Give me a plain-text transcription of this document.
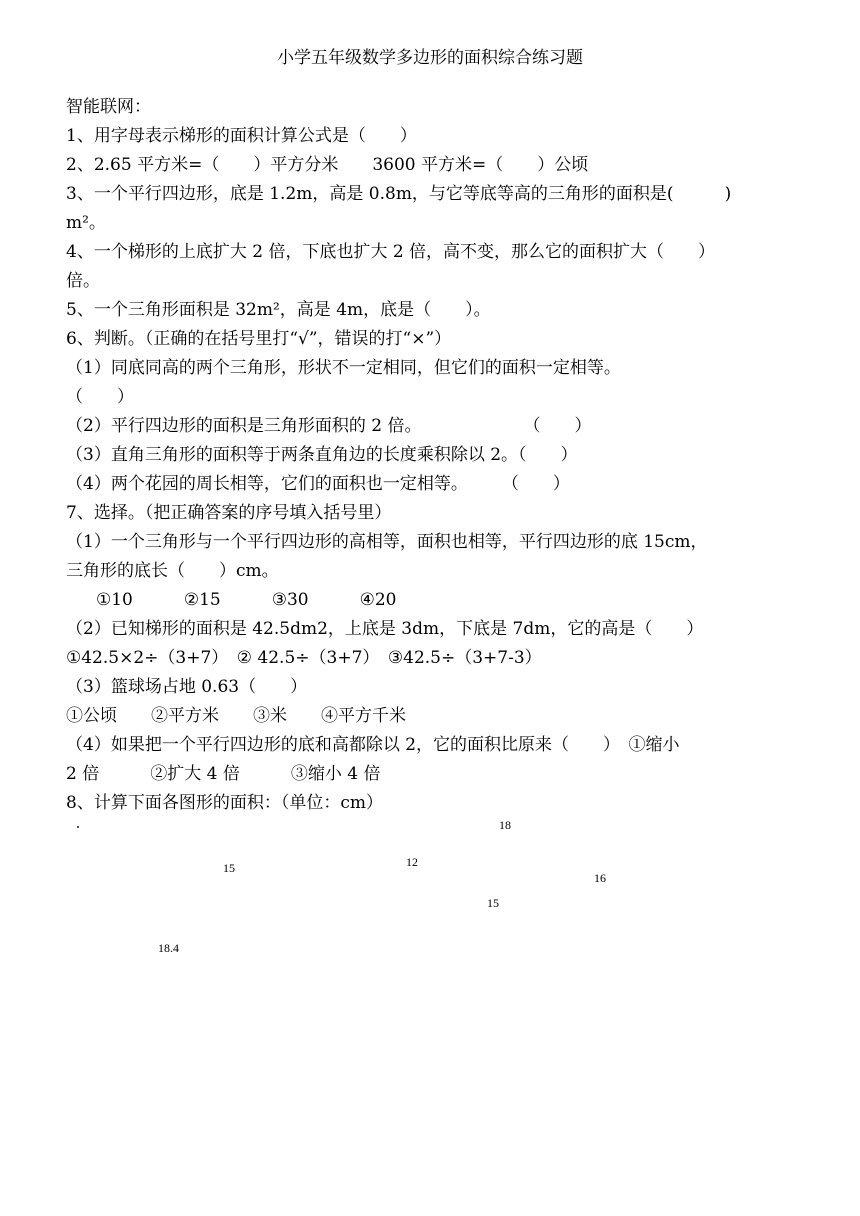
小学五年级数学多边形的面积综合练习题
智能联网：
1、用字母表示梯形的面积计算公式是（　　）
2、2.65 平方米=（　　）平方分米　　3600 平方米=（　　）公顷
3、一个平行四边形，底是 1.2m，高是 0.8m，与它等底等高的三角形的面积是(　　　)
m²。
4、一个梯形的上底扩大 2 倍，下底也扩大 2 倍，高不变，那么它的面积扩大（　　）
倍。
5、一个三角形面积是 32m²，高是 4m，底是（　　）。
6、判断。（正确的在括号里打“√”，错误的打“×”）
（1）同底同高的两个三角形，形状不一定相同，但它们的面积一定相等。
（　　）
（2）平行四边形的面积是三角形面积的 2 倍。　　　　　　　（　　）
（3）直角三角形的面积等于两条直角边的长度乘积除以 2。（　　）
（4）两个花园的周长相等，它们的面积也一定相等。　　　（　　）
7、选择。（把正确答案的序号填入括号里）
（1）一个三角形与一个平行四边形的高相等，面积也相等，平行四边形的底 15cm，
三角形的底长（　　）cm。
①10　　　②15　　　③30　　　④20
（2）已知梯形的面积是 42.5dm2，上底是 3dm，下底是 7dm，它的高是（　　）
①42.5×2÷（3+7）　② 42.5÷（3+7）　③42.5÷（3+7-3）
（3）篮球场占地 0.63（　　）
①公顷　　②平方米　　③米　　④平方千米
（4）如果把一个平行四边形的底和高都除以 2，它的面积比原来（　　）　①缩小
2 倍　　　②扩大 4 倍　　　③缩小 4 倍
8、计算下面各图形的面积：（单位：cm）
18
15	12
16
15
18.4
